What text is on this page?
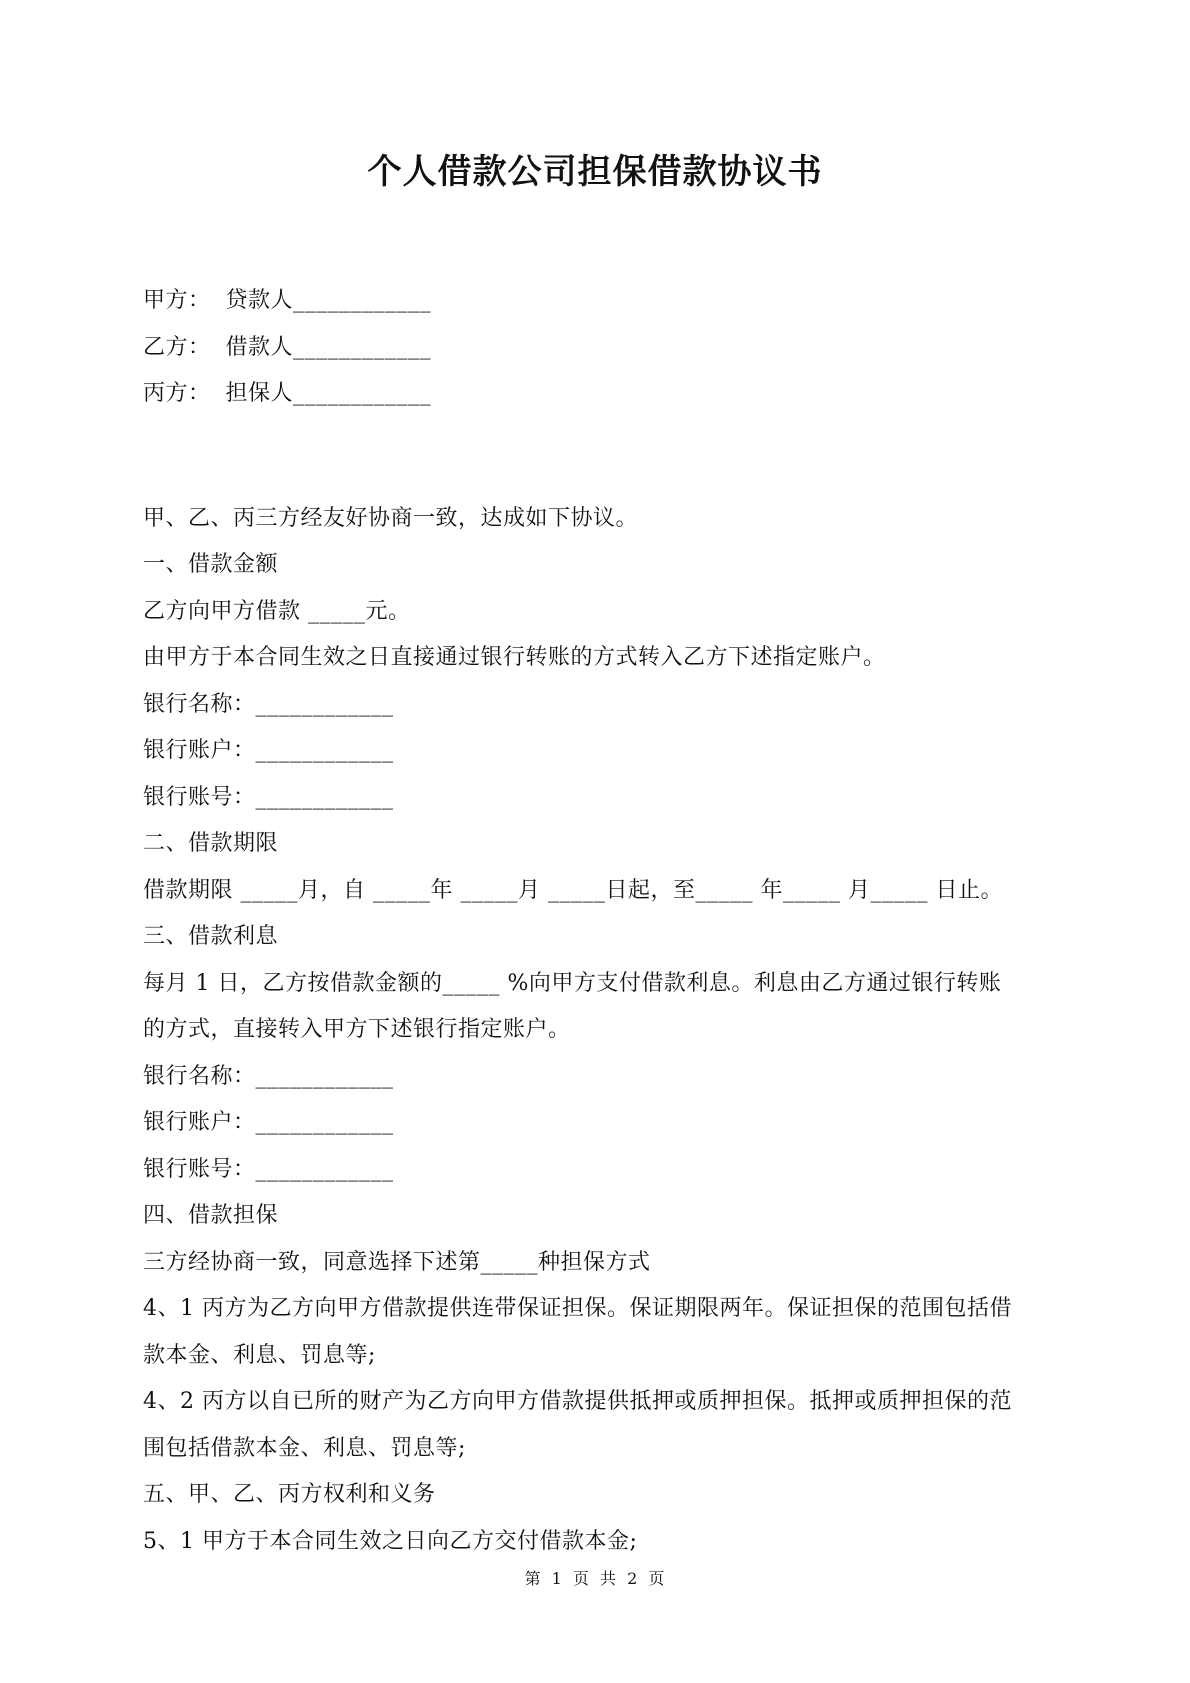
个人借款公司担保借款协议书
甲方：  贷款人____________
乙方：  借款人____________
丙方：  担保人____________
甲、乙、丙三方经友好协商一致，达成如下协议。
一、借款金额
乙方向甲方借款 _____元。
由甲方于本合同生效之日直接通过银行转账的方式转入乙方下述指定账户。
银行名称：____________
银行账户：____________
银行账号：____________
二、借款期限
借款期限 _____月，自 _____年 _____月 _____日起，至_____ 年_____ 月_____ 日止。
三、借款利息
每月 1 日，乙方按借款金额的_____ %向甲方支付借款利息。利息由乙方通过银行转账
的方式，直接转入甲方下述银行指定账户。
银行名称：____________
银行账户：____________
银行账号：____________
四、借款担保
三方经协商一致，同意选择下述第_____种担保方式
4、1 丙方为乙方向甲方借款提供连带保证担保。保证期限两年。保证担保的范围包括借
款本金、利息、罚息等;
4、2 丙方以自已所的财产为乙方向甲方借款提供抵押或质押担保。抵押或质押担保的范
围包括借款本金、利息、罚息等;
五、甲、乙、丙方权利和义务
5、1 甲方于本合同生效之日向乙方交付借款本金;
第 1 页 共 2 页
